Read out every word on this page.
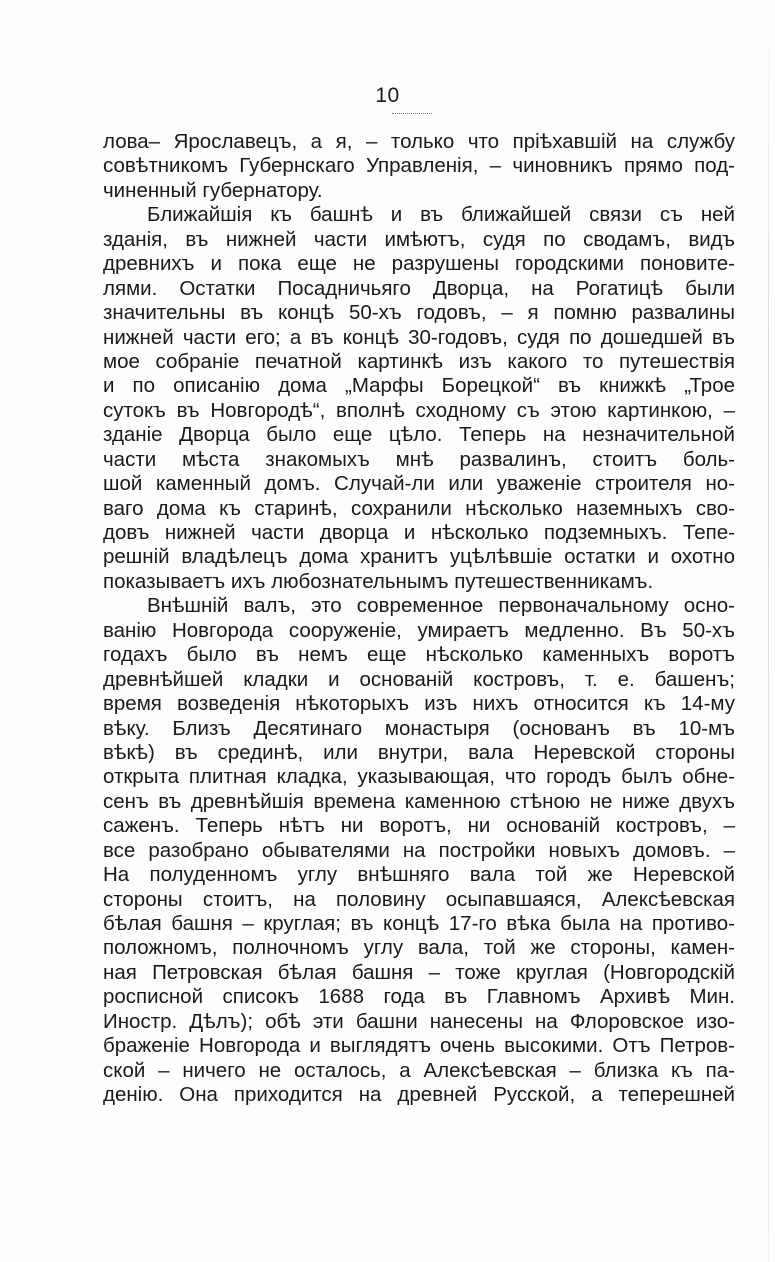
10
лова– Ярославецъ, а я, – только что прiѣхавшiй на службу
совѣтникомъ Губернскаго Управленiя, – чиновникъ прямо под-
чиненный губернатору.
Ближайшiя къ башнѣ и въ ближайшей связи съ ней
зданiя, въ нижней части имѣютъ, судя по сводамъ, видъ
древнихъ и пока еще не разрушены городскими поновите-
лями. Остатки Посадничьяго Дворца, на Рогатицѣ были
значительны въ концѣ 50-хъ годовъ, – я помню развалины
нижней части его; а въ концѣ 30-годовъ, судя по дошедшей въ
мое собранiе печатной картинкѣ изъ какого то путешествiя
и по описанiю дома „Марфы Борецкой“ въ книжкѣ „Трое
сутокъ въ Новгородѣ“, вполнѣ сходному съ этою картинкою, –
зданiе Дворца было еще цѣло. Теперь на незначительной
части мѣста знакомыхъ мнѣ развалинъ, стоитъ боль-
шой каменный домъ. Случай-ли или уваженiе строителя но-
ваго дома къ старинѣ, сохранили нѣсколько наземныхъ сво-
довъ нижней части дворца и нѣсколько подземныхъ. Тепе-
решнiй владѣлецъ дома хранитъ уцѣлѣвшiе остатки и охотно
показываетъ ихъ любознательнымъ путешественникамъ.
Внѣшнiй валъ, это современное первоначальному осно-
ванiю Новгорода сооруженiе, умираетъ медленно. Въ 50-хъ
годахъ было въ немъ еще нѣсколько каменныхъ воротъ
древнѣйшей кладки и основанiй костровъ, т. е. башенъ;
время возведенiя нѣкоторыхъ изъ нихъ относится къ 14-му
вѣку. Близъ Десятинаго монастыря (основанъ въ 10-мъ
вѣкѣ) въ срединѣ, или внутри, вала Неревской стороны
открыта плитная кладка, указывающая, что городъ былъ обне-
сенъ въ древнѣйшiя времена каменною стѣною не ниже двухъ
саженъ. Теперь нѣтъ ни воротъ, ни основанiй костровъ, –
все разобрано обывателями на постройки новыхъ домовъ. –
На полуденномъ углу внѣшняго вала той же Неревской
стороны стоитъ, на половину осыпавшаяся, Алексѣевская
бѣлая башня – круглая; въ концѣ 17-го вѣка была на противо-
положномъ, полночномъ углу вала, той же стороны, камен-
ная Петровская бѣлая башня – тоже круглая (Новгородскiй
росписной списокъ 1688 года въ Главномъ Архивѣ Мин.
Иностр. Дѣлъ); обѣ эти башни нанесены на Флоровское изо-
браженiе Новгорода и выглядятъ очень высокими. Отъ Петров-
ской – ничего не осталось, а Алексѣевская – близка къ па-
денiю. Она приходится на древней Русской, а теперешней
